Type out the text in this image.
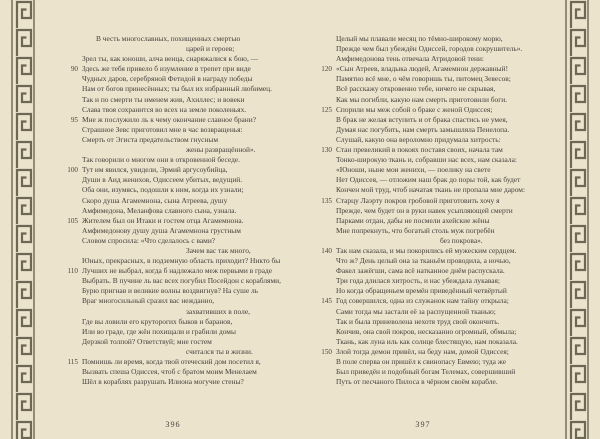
В честь многославных, похищенных смертью
царей и героев;
Зрел ты, как юноши, алча венца, снаряжалися к бою, —
90 Здесь же тебя привело б изумление в трепет при виде
Чудных даров, серебряной Фетидой в награду победы
Нам от богов принесённых; ты был их избранный любимец.
Так и по смерти ты именем жив, Ахиллес; и вовеки
Слава твоя сохранится во всех на земле поколеньях.
95 Мне ж послужило ль к чему окончание славное брани?
Страшное Зевс приготовил мне в час возвращенья:
Смерть от Эгиста предательством гнусным
жены развращённой».
Так говорили о многом они в откровенной беседе.
100 Тут им явился, увидели, Эрмий аргусоубийца,
Души в Аид женихов, Одиссеем убитых, ведущий.
Оба они, изумясь, подошли к ним, когда их узнали;
Скоро душа Агамемнона, сына Атреева, душу
Амфимедона, Меланфова славного сына, узнала.
105 Жителем был он Итаки и гостем отца Агамемнона.
Амфимедонову душу душа Агамемнона грустным
Словом спросила: «Что сделалось с вами?
Зачем вас так много,
Юных, прекрасных, в подземную область приходит? Никто бы
110 Лучших не выбрал, когда б надлежало меж первыми в граде
Выбрать. В пучине ль вас всех погубил Посейдон с кораблями,
Бурю пригнав и великие волны воздвигнув? На суше ль
Враг многосильный сразил вас нежданно,
захвативших в поле,
Где вы ловили его круторогих быков и баранов,
Или во граде, где жён похищали и грабили домы
Дерзкой толпой? Ответствуй; мне гостем
считался ты в жизни.
115 Помнишь ли время, когда твой отеческий дом посетил я,
Вызвать спеша Одиссея, чтоб с братом моим Менелаем
Шёл в кораблях разрушать Илиона могучие стены?
396
Целый мы плавали месяц по тёмно-широкому морю,
Прежде чем был убеждён Одиссей, городов сокрушитель».
Амфимедонова тень отвечала Атридовой тени:
120 «Сын Атреев, владыка людей, Агамемнон державный!
Памятно всё мне, о чём говоришь ты, питомец Зевесов;
Всё расскажу откровенно тебе, ничего не скрывая,
Как мы погибли, какую нам смерть приготовили боги.
125 Спорили мы меж собой о браке с женой Одиссея;
В брак не желая вступить и от брака спастись не умея,
Думая нас погубить, нам смерть замышляла Пенелопа.
Слушай, какую она вероломно придумала хитрость:
130 Стан превеликий в покоях поставя своих, начала там
Тонко-широкую ткань и, собравши нас всех, нам сказала:
«Юноши, ныне мои женихи, — поелику на свете
Нет Одиссея, — отложим наш брак до поры той, как будет
Кончен мой труд, чтоб начатая ткань не пропала мне даром:
135 Старцу Лаэрту покров гробовой приготовить хочу я
Прежде, чем будет он в руки навек усыпляющей смерти
Парками отдан, дабы не посмели ахейские жёны
Мне попрекнуть, что богатый столь муж погребён
без покрова».
140 Так нам сказала, и мы покорились ей мужеским сердцем.
Что ж? День целый она за тканьём проводила, а ночью,
Факел зажёгши, сама всё натканное днём распускала.
Три года длилася хитрость, и нас убеждала лукавая;
Но когда обращеньем времён приведённый четвёртый
145 Год совершился, одна из служанок нам тайну открыла;
Сами тогда мы застали её за распущенной тканью;
Так и была приневолена нехотя труд свой окончить.
Кончив, она свой покров, несказанно огромный, обмыла;
Ткань, как луна иль как солнце блестящую, нам показала.
150 Злой тогда демон привёл, на беду нам, домой Одиссея;
В поле сперва он пришёл к свинопасу Евмею; туда же
Был приведён и подобный богам Телемах, совершивший
Путь от песчаного Пилоса в чёрном своём корабле.
397
